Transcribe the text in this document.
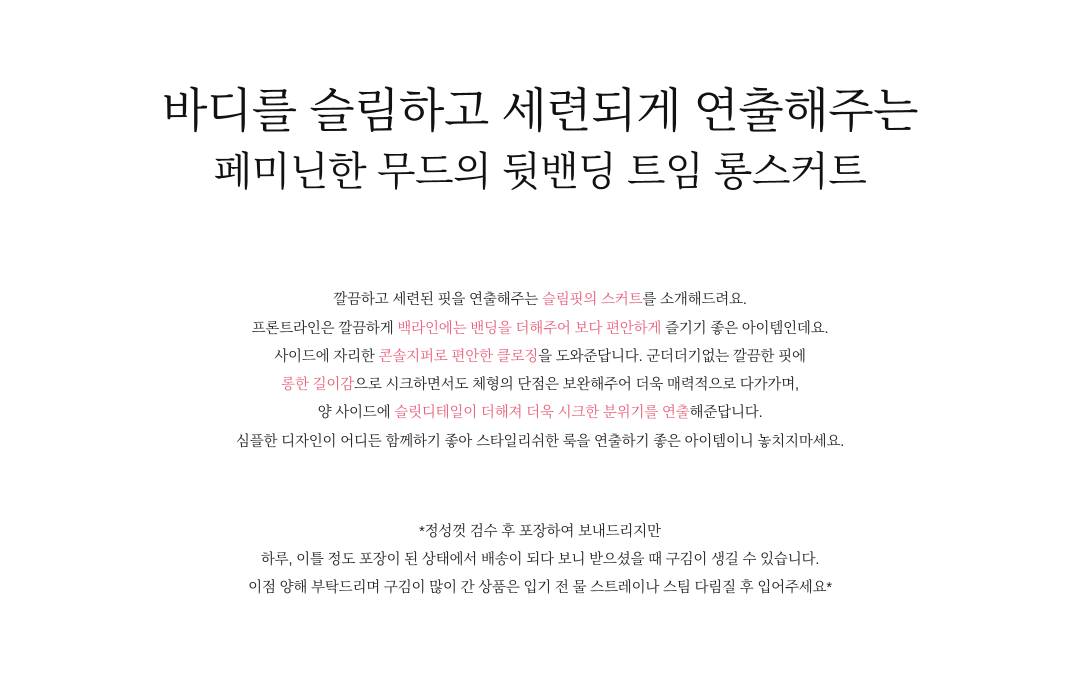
바디를 슬림하고 세련되게 연출해주는
페미닌한 무드의 뒷밴딩 트임 롱스커트
깔끔하고 세련된 핏을 연출해주는 슬림핏의 스커트를 소개해드려요.
프론트라인은 깔끔하게 백라인에는 밴딩을 더해주어 보다 편안하게 즐기기 좋은 아이템인데요.
사이드에 자리한 콘솔지퍼로 편안한 클로징을 도와준답니다. 군더더기없는 깔끔한 핏에
롱한 길이감으로 시크하면서도 체형의 단점은 보완해주어 더욱 매력적으로 다가가며,
양 사이드에 슬릿디테일이 더해져 더욱 시크한 분위기를 연출해준답니다.
심플한 디자인이 어디든 함께하기 좋아 스타일리쉬한 룩을 연출하기 좋은 아이템이니 놓치지마세요.
*정성껏 검수 후 포장하여 보내드리지만
하루, 이틀 정도 포장이 된 상태에서 배송이 되다 보니 받으셨을 때 구김이 생길 수 있습니다.
이점 양해 부탁드리며 구김이 많이 간 상품은 입기 전 물 스트레이나 스팀 다림질 후 입어주세요*
